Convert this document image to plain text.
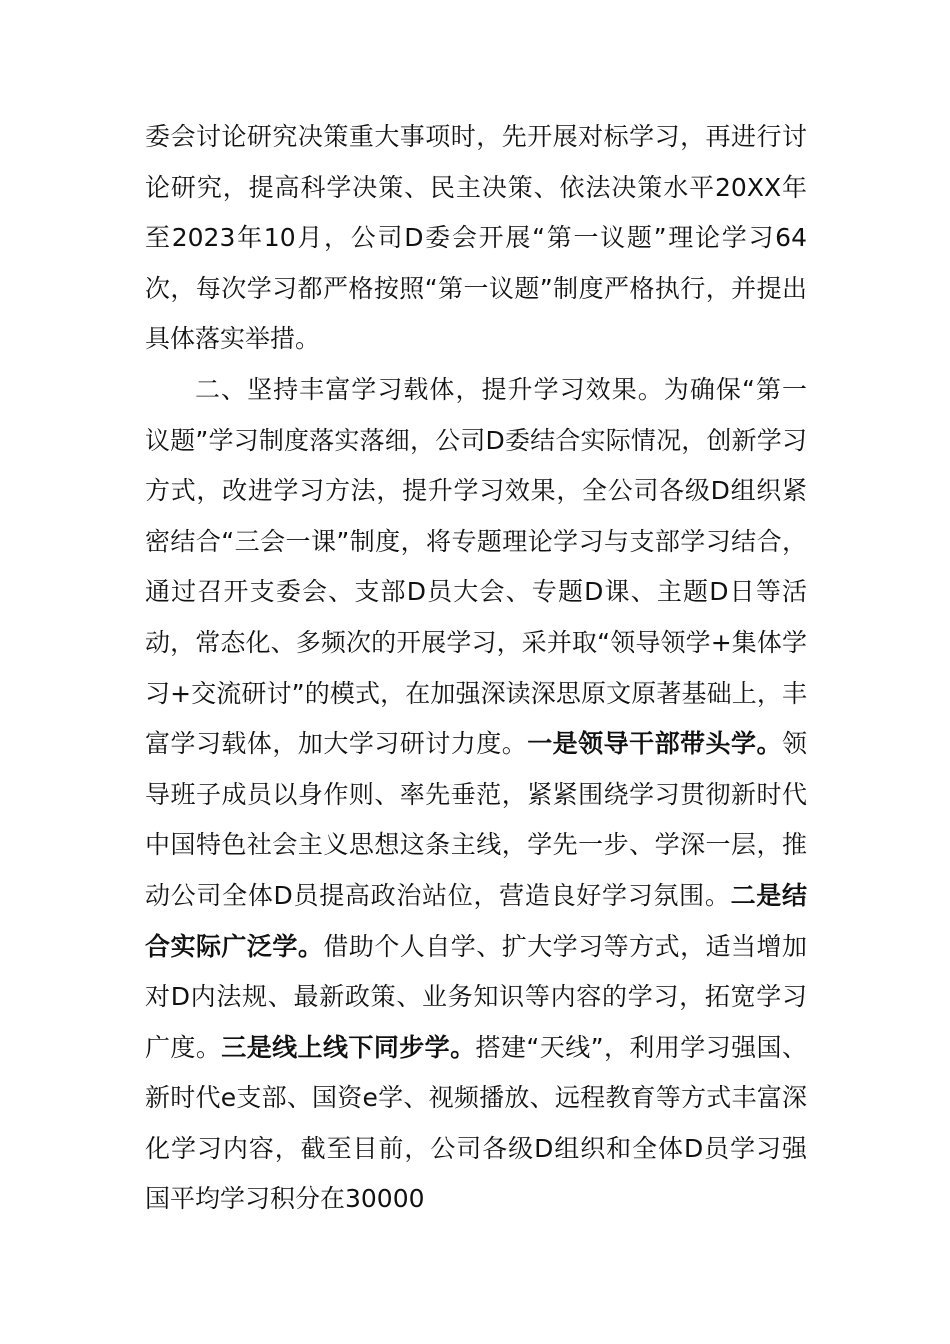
委会讨论研究决策重大事项时，先开展对标学习，再进行讨论研究，提高科学决策、民主决策、依法决策水平20XX年至2023年10月，公司D委会开展“第一议题”理论学习64次，每次学习都严格按照“第一议题”制度严格执行，并提出具体落实举措。

二、坚持丰富学习载体，提升学习效果。为确保“第一议题”学习制度落实落细，公司D委结合实际情况，创新学习方式，改进学习方法，提升学习效果，全公司各级D组织紧密结合“三会一课”制度，将专题理论学习与支部学习结合，通过召开支委会、支部D员大会、专题D课、主题D日等活动，常态化、多频次的开展学习，采并取“领导领学+集体学习+交流研讨”的模式，在加强深读深思原文原著基础上，丰富学习载体，加大学习研讨力度。一是领导干部带头学。领导班子成员以身作则、率先垂范，紧紧围绕学习贯彻新时代中国特色社会主义思想这条主线，学先一步、学深一层，推动公司全体D员提高政治站位，营造良好学习氛围。二是结合实际广泛学。借助个人自学、扩大学习等方式，适当增加对D内法规、最新政策、业务知识等内容的学习，拓宽学习广度。三是线上线下同步学。搭建“天线”，利用学习强国、新时代e支部、国资e学、视频播放、远程教育等方式丰富深化学习内容，截至目前，公司各级D组织和全体D员学习强国平均学习积分在30000
